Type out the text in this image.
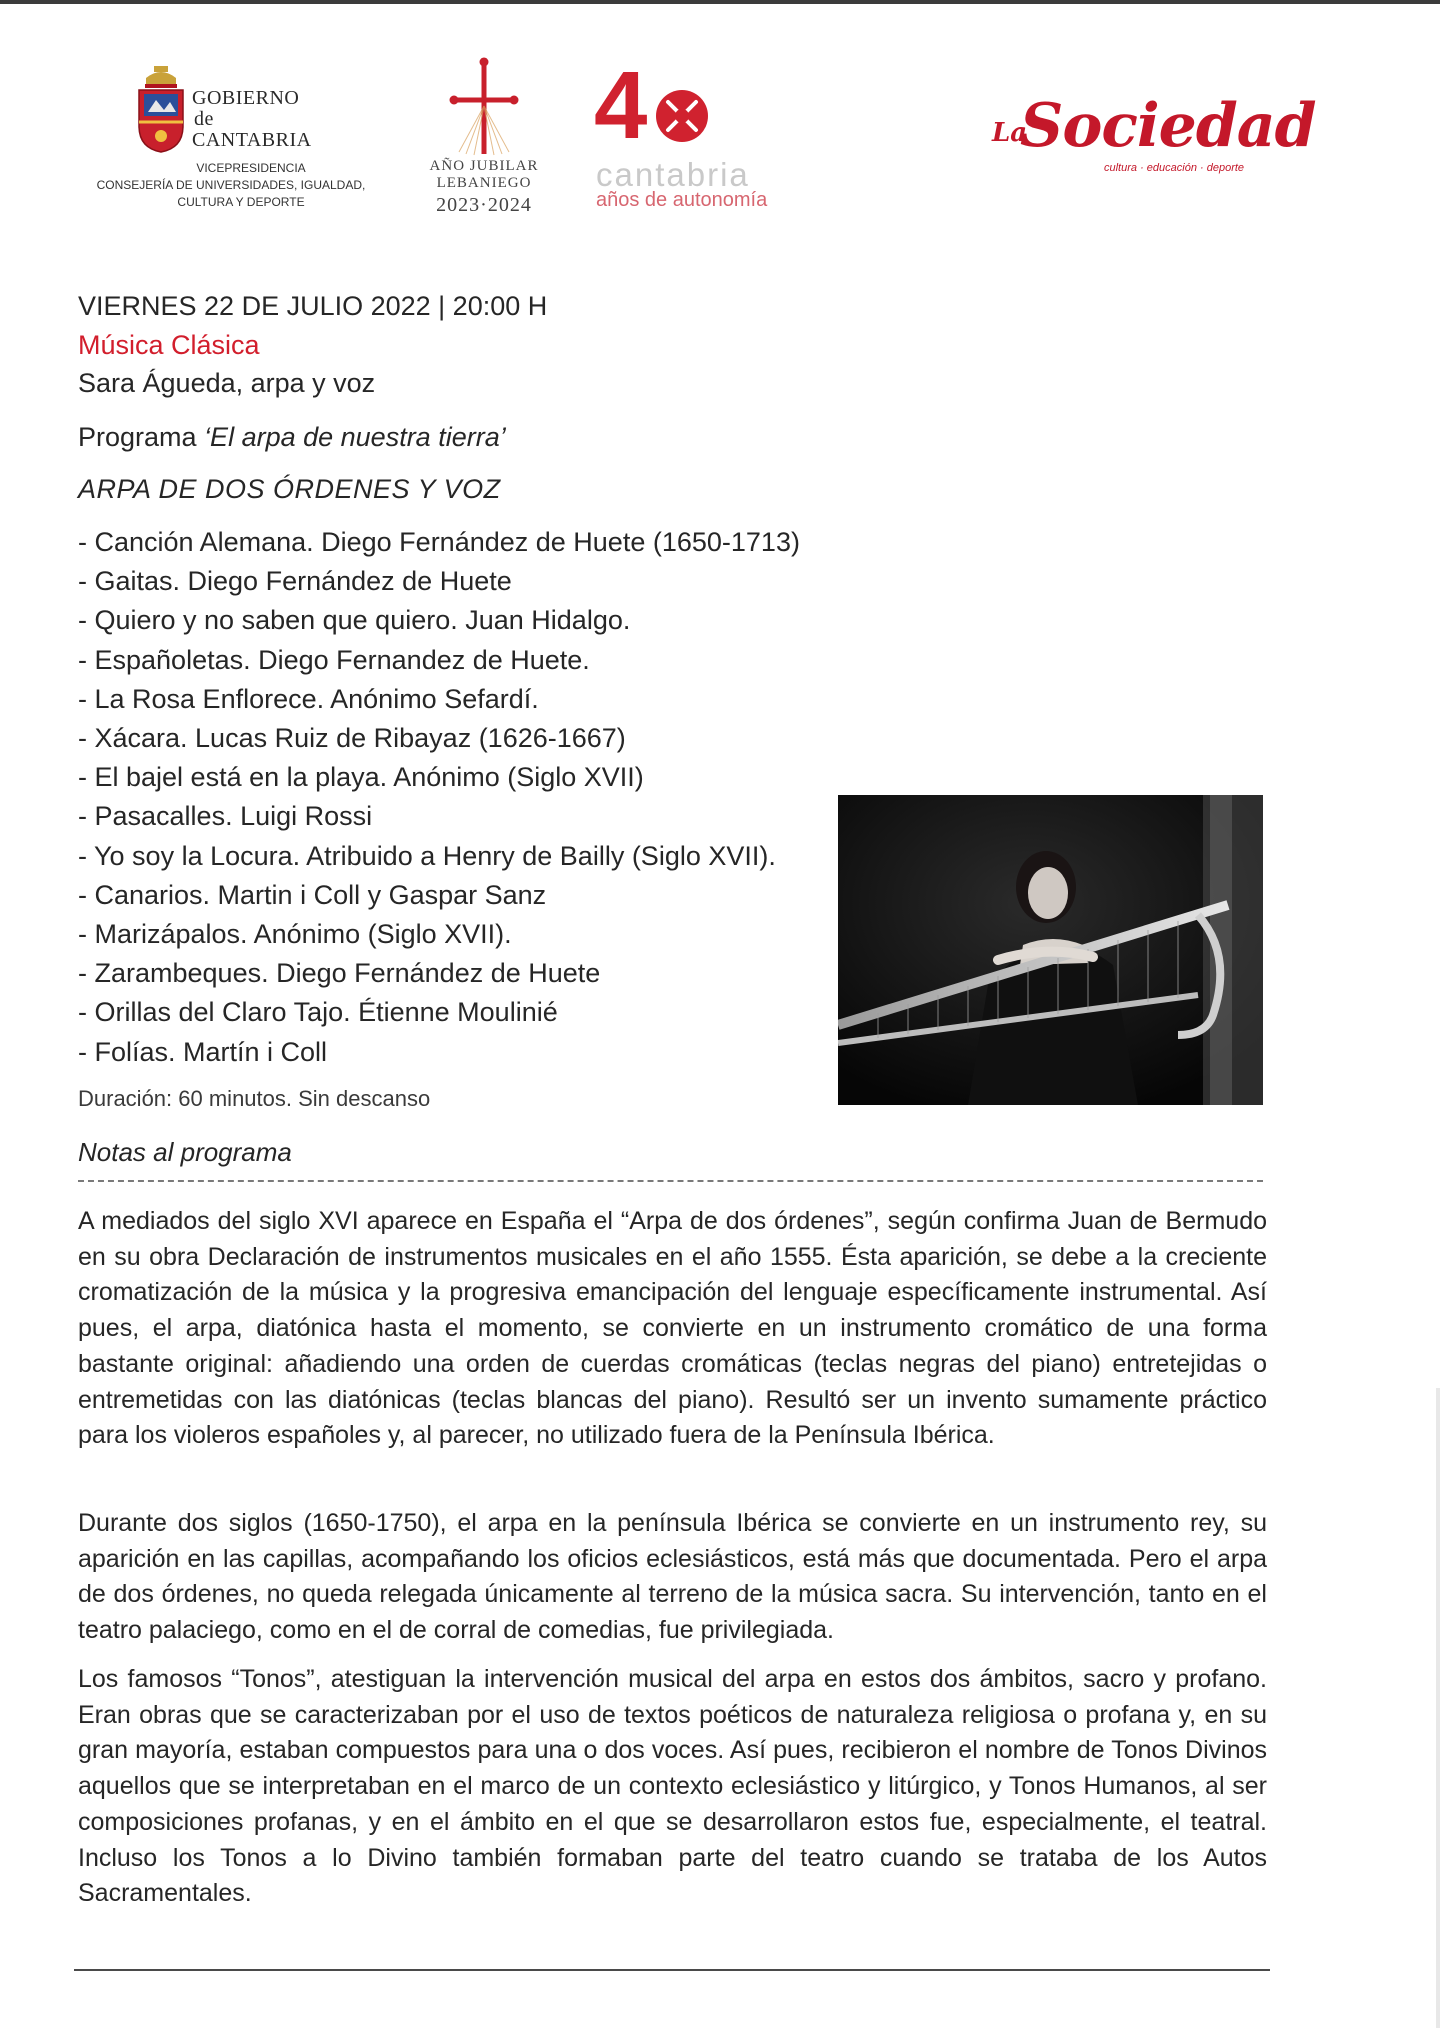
GOBIERNO
de
CANTABRIA
VICEPRESIDENCIA
CONSEJERÍA DE UNIVERSIDADES, IGUALDAD,
CULTURA Y DEPORTE
AÑO JUBILAR
LEBANIEGO
2023·2024
4
cantabria
años de autonomía
La
Sociedad
cultura · educación · deporte
VIERNES 22 DE JULIO 2022 | 20:00 H
Música Clásica
Sara Águeda, arpa y voz
Programa ‘El arpa de nuestra tierra’
ARPA DE DOS ÓRDENES Y VOZ
- Canción Alemana. Diego Fernández de Huete (1650-1713)
- Gaitas. Diego Fernández de Huete
- Quiero y no saben que quiero. Juan Hidalgo.
- Españoletas. Diego Fernandez de Huete.
- La Rosa Enflorece. Anónimo Sefardí.
- Xácara. Lucas Ruiz de Ribayaz (1626-1667)
- El bajel está en la playa. Anónimo (Siglo XVII)
- Pasacalles. Luigi Rossi
- Yo soy la Locura. Atribuido a Henry de Bailly (Siglo XVII).
- Canarios. Martin i Coll y Gaspar Sanz
- Marizápalos. Anónimo (Siglo XVII).
- Zarambeques. Diego Fernández de Huete
- Orillas del Claro Tajo. Étienne Moulinié
- Folías. Martín i Coll
Duración: 60 minutos. Sin descanso
Notas al programa

A mediados del siglo XVI aparece en España el “Arpa de dos órdenes”, según confirma Juan de Bermudo en su obra Declaración de instrumentos musicales en el año 1555. Ésta aparición, se debe a la creciente cromatización de la música y la progresiva emancipación del lenguaje específicamente instrumental. Así pues, el arpa, diatónica hasta el momento, se convierte en un instrumento cromático de una forma bastante original: añadiendo una orden de cuerdas cromáticas (teclas negras del piano) entretejidas o entremetidas con las diatónicas (teclas blancas del piano). Resultó ser un invento sumamente práctico para los violeros españoles y, al parecer, no utilizado fuera de la Península Ibérica.

Durante dos siglos (1650-1750), el arpa en la península Ibérica se convierte en un instrumento rey, su aparición en las capillas, acompañando los oficios eclesiásticos, está más que documentada. Pero el arpa de dos órdenes, no queda relegada únicamente al terreno de la música sacra. Su intervención, tanto en el teatro palaciego, como en el de corral de comedias, fue privilegiada.

Los famosos “Tonos”, atestiguan la intervención musical del arpa en estos dos ámbitos, sacro y profano. Eran obras que se caracterizaban por el uso de textos poéticos de naturaleza religiosa o profana y, en su gran mayoría, estaban compuestos para una o dos voces. Así pues, recibieron el nombre de Tonos Divinos aquellos que se interpretaban en el marco de un contexto eclesiástico y litúrgico, y Tonos Humanos, al ser composiciones profanas, y en el ámbito en el que se desarrollaron estos fue, especialmente, el teatral. Incluso los Tonos a lo Divino también formaban parte del teatro cuando se trataba de los Autos Sacramentales.
